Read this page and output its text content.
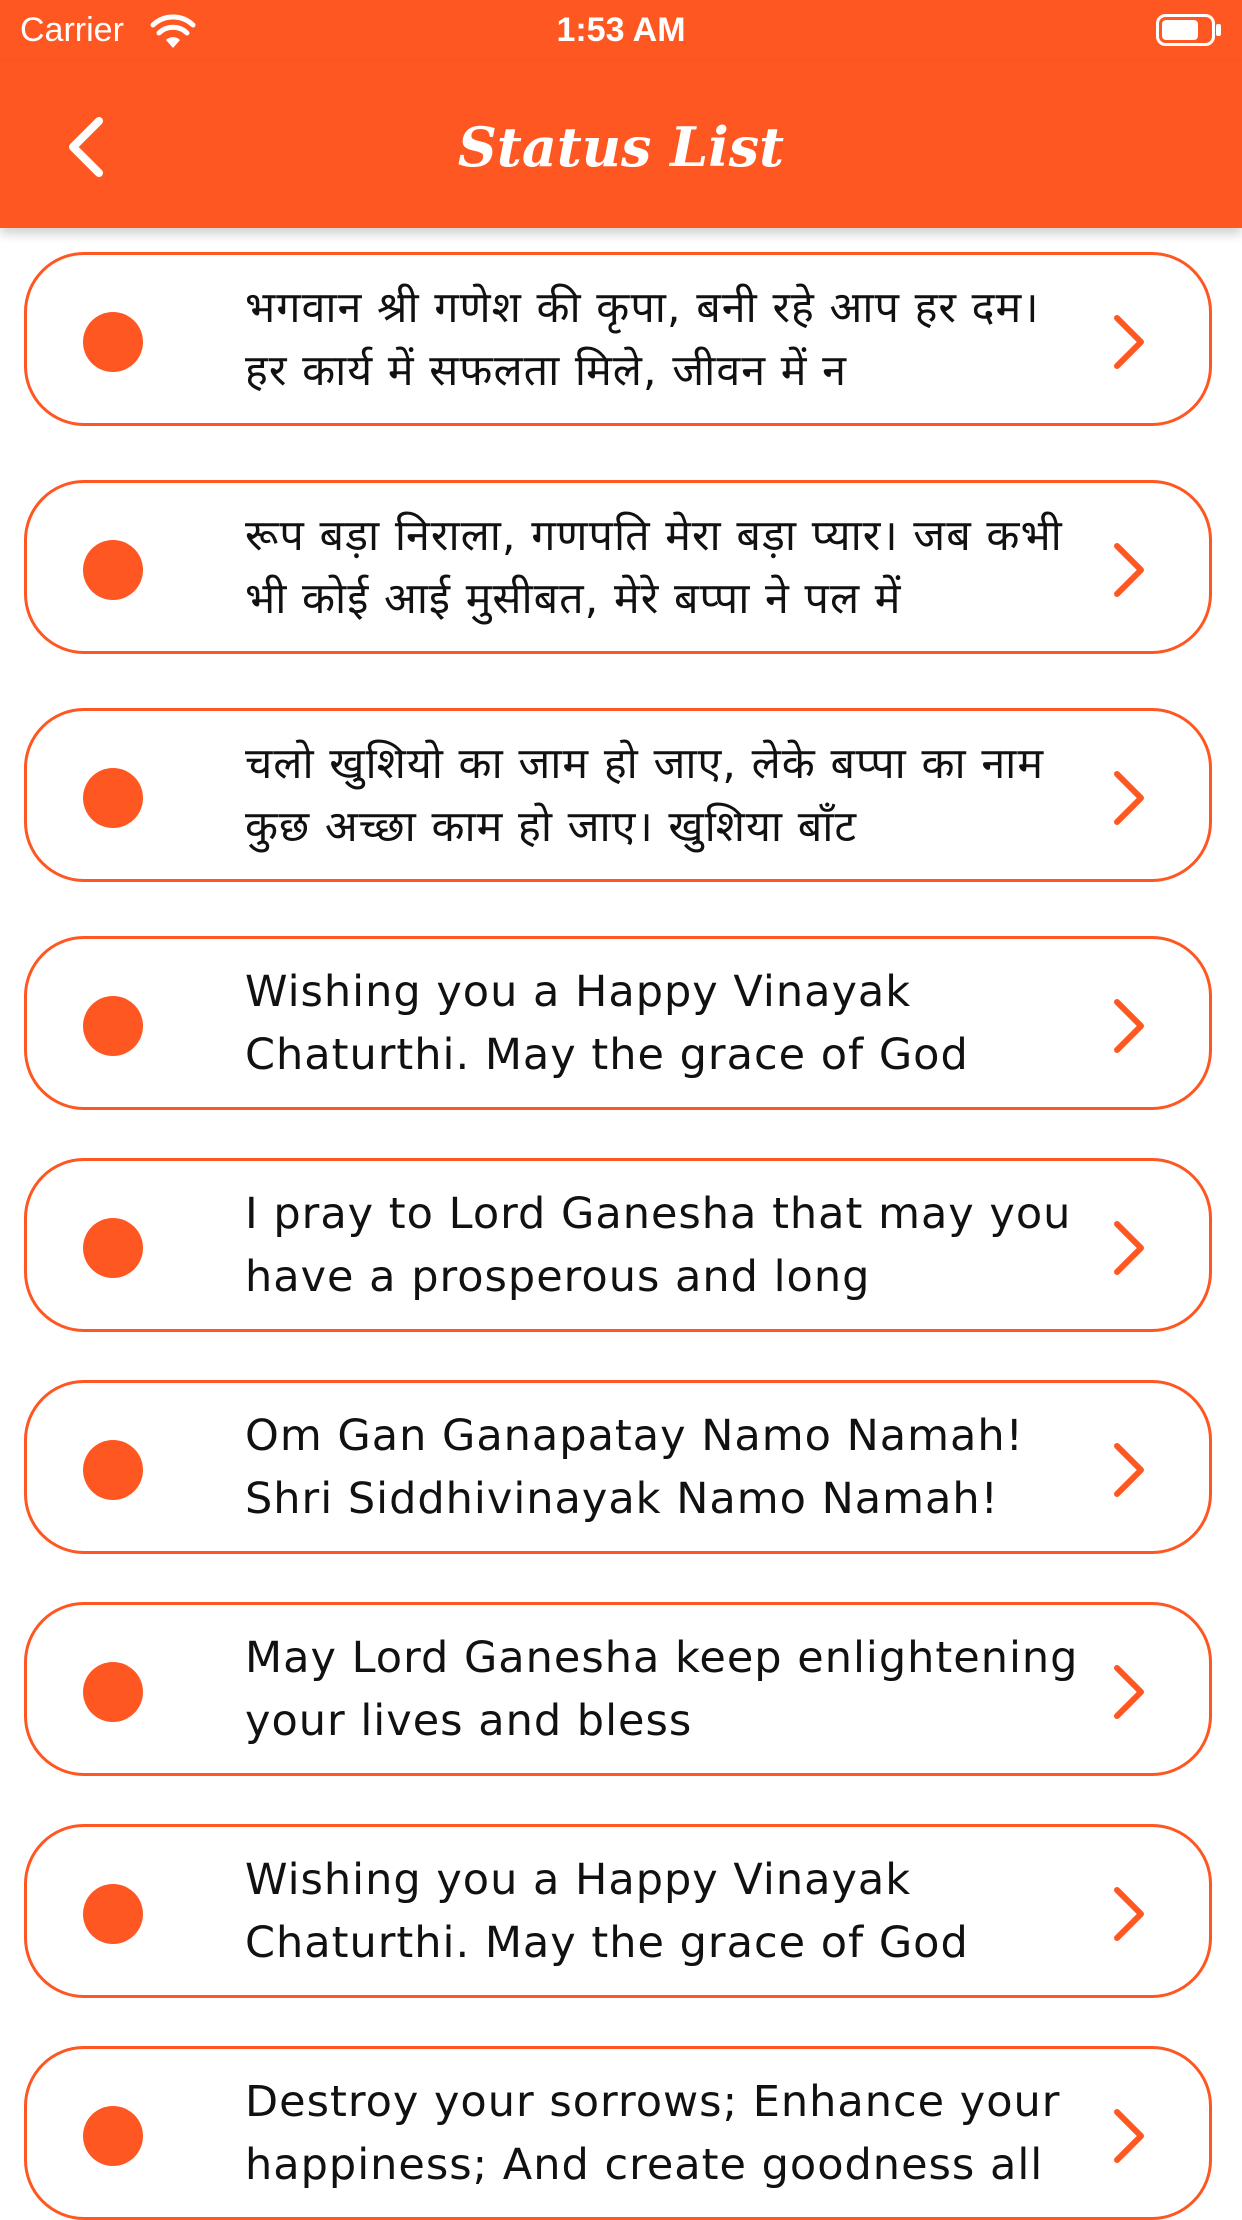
Carrier	1:53 AM
Status List
भगवान श्री गणेश की कृपा, बनी रहे आप हर दम। हर कार्य में सफलता मिले, जीवन में न
रूप बड़ा निराला, गणपति मेरा बड़ा प्यार। जब कभी भी कोई आई मुसीबत, मेरे बप्पा ने पल में
चलो खुशियो का जाम हो जाए, लेके बप्पा का नाम कुछ अच्छा काम हो जाए। खुशिया बाँट
Wishing you a Happy Vinayak Chaturthi. May the grace of God
I pray to Lord Ganesha that may you have a prosperous and long
Om Gan Ganapatay Namo Namah! Shri Siddhivinayak Namo Namah!
May Lord Ganesha keep enlightening your lives and bless
Wishing you a Happy Vinayak Chaturthi. May the grace of God
Destroy your sorrows; Enhance your happiness; And create goodness all
